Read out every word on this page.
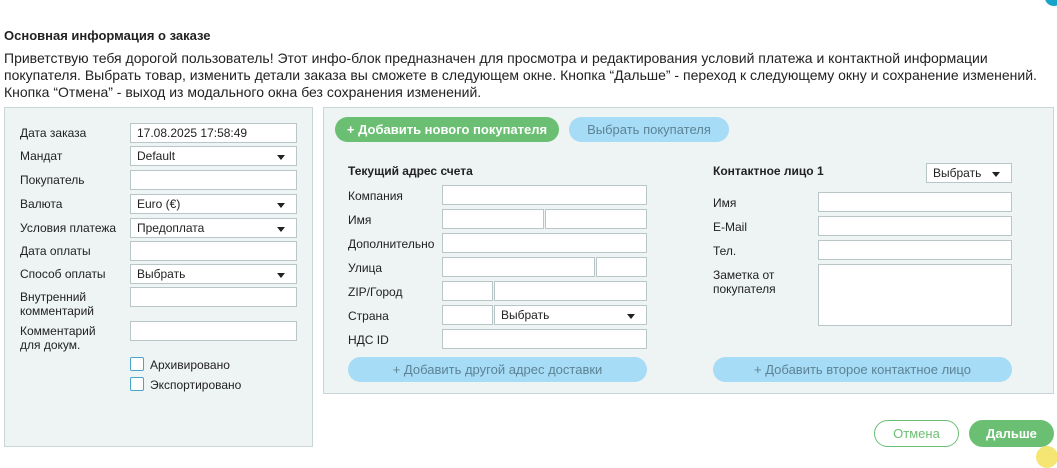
Основная информация о заказе
Приветствую тебя дорогой пользователь! Этот инфо-блок предназначен для просмотра и редактирования условий платежа и контактной информации покупателя. Выбрать товар, изменить детали заказа вы сможете в следующем окне. Кнопка “Дальше” - переход к следующему окну и сохранение изменений. Кнопка “Отмена” - выход из модального окна без сохранения изменений.
Дата заказа	17.08.2025 17:58:49
Мандат	Default
Покупатель
Валюта	Euro (€)
Условия платежа	Предоплата
Дата оплаты
Способ оплаты	Выбрать
Внутренний
комментарий
Комментарий
для докум.
Архивировано
Экспортировано
+ Добавить нового покупателя	Выбрать покупателя
Текущий адрес счета
Компания
Имя
Дополнительно
Улица
ZIP/Город
Страна	Выбрать
НДС ID
+ Добавить другой адрес доставки
Контактное лицо 1	Выбрать
Имя
E-Mail
Тел.
Заметка от
покупателя
+ Добавить второе контактное лицо
Отмена	Дальше
